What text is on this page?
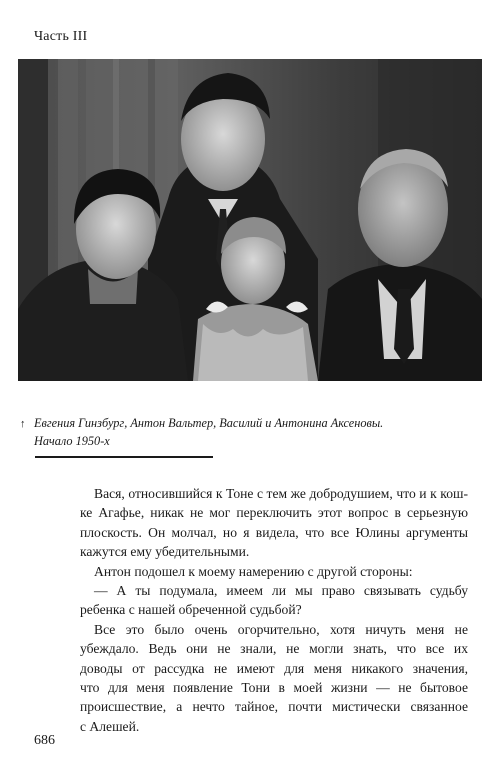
Часть III
↑ Евгения Гинзбург, Антон Вальтер, Василий и Антонина Аксеновы.
Начало 1950-х
Вася, относившийся к Тоне с тем же добродушием, что и к кош-
ке Агафье, никак не мог переключить этот вопрос в серьезную
плоскость. Он молчал, но я видела, что все Юлины аргументы
кажутся ему убедительными.
Антон подошел к моему намерению с другой стороны:
— А ты подумала, имеем ли мы право связывать судьбу
ребенка с нашей обреченной судьбой?
Все это было очень огорчительно, хотя ничуть меня не
убеждало. Ведь они не знали, не могли знать, что все их
доводы от рассудка не имеют для меня никакого значения,
что для меня появление Тони в моей жизни — не бытовое
происшествие, а нечто тайное, почти мистически связанное
с Алешей.
686
